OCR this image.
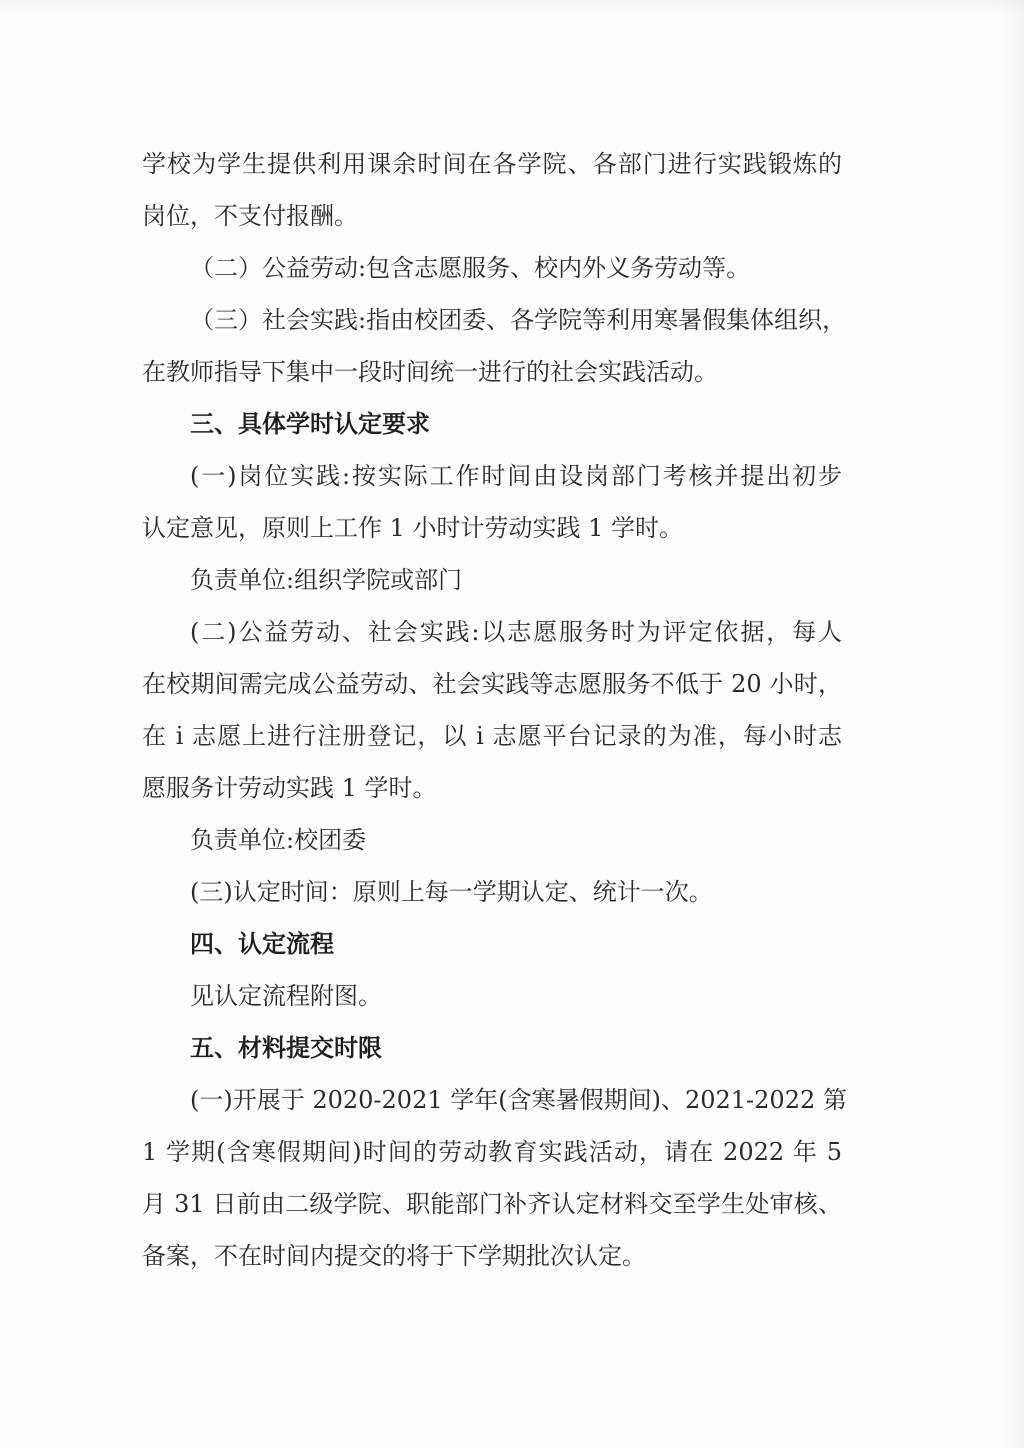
学校为学生提供利用课余时间在各学院、各部门进行实践锻炼的
岗位，不支付报酬。
（二）公益劳动:包含志愿服务、校内外义务劳动等。
（三）社会实践:指由校团委、各学院等利用寒暑假集体组织，
在教师指导下集中一段时间统一进行的社会实践活动。
三、具体学时认定要求
(一)岗位实践:按实际工作时间由设岗部门考核并提出初步
认定意见，原则上工作 1 小时计劳动实践 1 学时。
负责单位:组织学院或部门
(二)公益劳动、社会实践:以志愿服务时为评定依据，每人
在校期间需完成公益劳动、社会实践等志愿服务不低于 20 小时，
在 i 志愿上进行注册登记，以 i 志愿平台记录的为准，每小时志
愿服务计劳动实践 1 学时。
负责单位:校团委
(三)认定时间：原则上每一学期认定、统计一次。
四、认定流程
见认定流程附图。
五、材料提交时限
(一)开展于 2020-2021 学年(含寒暑假期间)、2021-2022 第
1 学期(含寒假期间)时间的劳动教育实践活动，请在 2022 年 5
月 31 日前由二级学院、职能部门补齐认定材料交至学生处审核、
备案，不在时间内提交的将于下学期批次认定。
